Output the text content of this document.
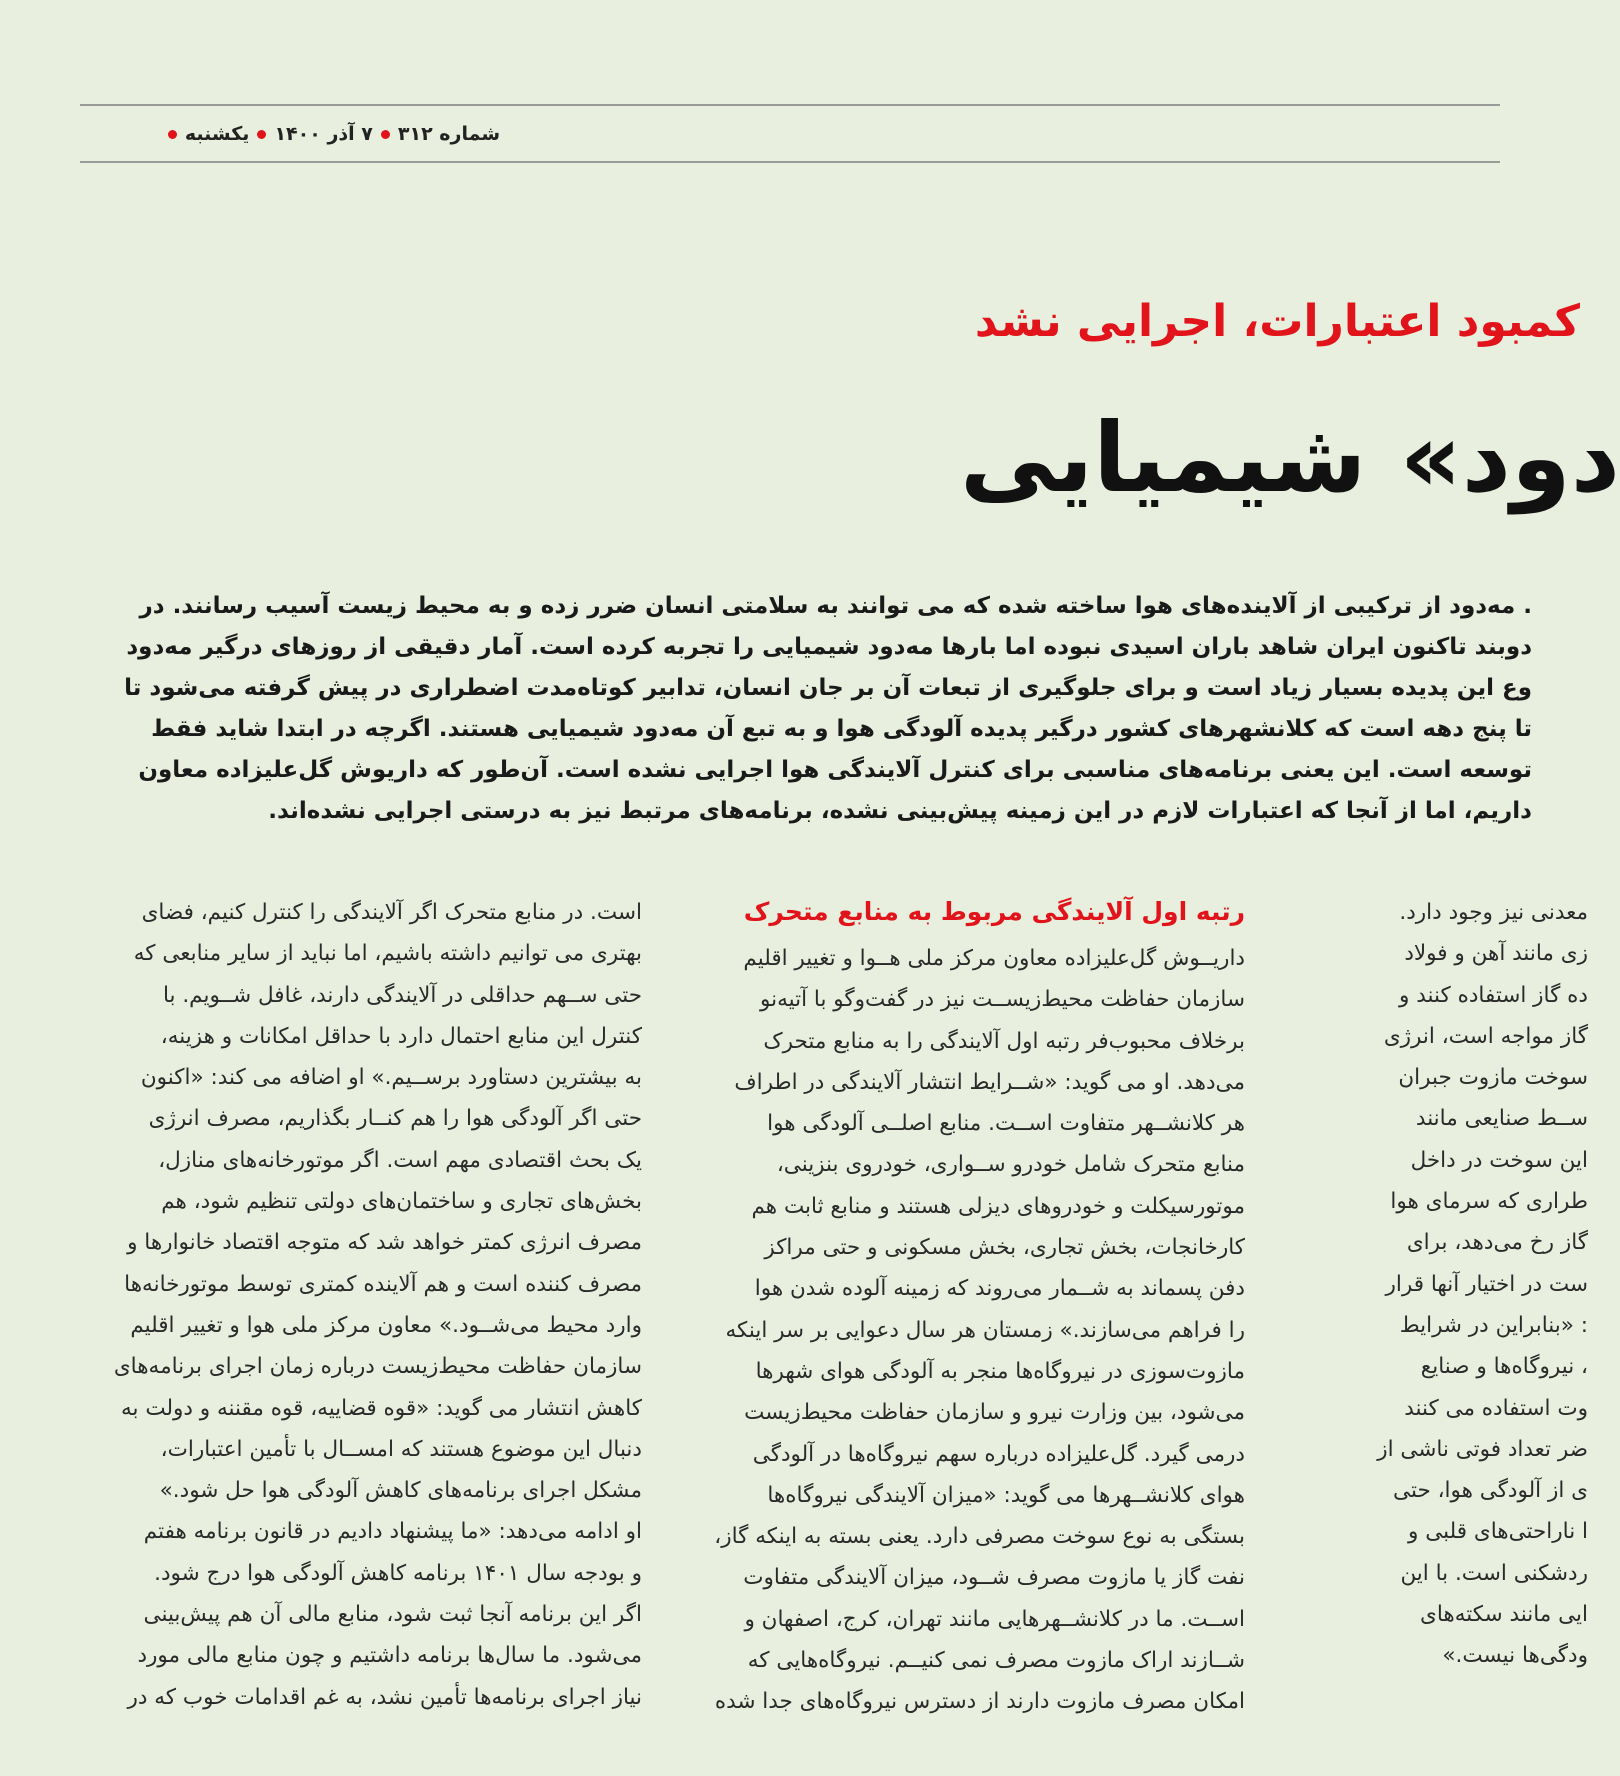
یکشنبه ۷ آذر ۱۴۰۰ شماره ۳۱۲
کمبود اعتبارات، اجرایی نشد
دود» شیمیایی
. مه‌دود از ترکیبی از آلاینده‌های هوا ساخته شده که می توانند به سلامتی انسان ضرر زده و به محیط زیست آسیب رسانند. در
دوبند تاکنون ایران شاهد باران اسیدی نبوده اما بارها مه‌دود شیمیایی را تجربه کرده است. آمار دقیقی از روزهای درگیر مه‌دود
وع این پدیده بسیار زیاد است و برای جلوگیری از تبعات آن بر جان انسان، تدابیر کوتاه‌مدت اضطراری در پیش گرفته می‌شود تا
تا پنج دهه است که کلانشهرهای کشور درگیر پدیده آلودگی هوا و به تبع آن مه‌دود شیمیایی هستند. اگرچه در ابتدا شاید فقط
توسعه است. این یعنی برنامه‌های مناسبی برای کنترل آلایندگی هوا اجرایی نشده است. آن‌طور که داریوش گل‌علیزاده معاون
داریم، اما از آنجا که اعتبارات لازم در این زمینه پیش‌بینی نشده، برنامه‌های مرتبط نیز به درستی اجرایی نشده‌اند.
معدنی نیز وجود دارد.
زی مانند آهن و فولاد
ده گاز استفاده کنند و
گاز مواجه است، انرژی
سوخت مازوت جبران
ســط صنایعی مانند
این سوخت در داخل
طراری که سرمای هوا
گاز رخ می‌دهد، برای
ست در اختیار آنها قرار
: «بنابراین در شرایط
، نیروگاه‌ها و صنایع
وت استفاده می کنند
ضر تعداد فوتی ناشی از
ی از آلودگی هوا، حتی
ا ناراحتی‌های قلبی و
ردشکنی است. با این
ایی مانند سکته‌های
ودگی‌ها نیست.»
رتبه اول آلایندگی مربوط به منابع متحرک
داریــوش گل‌علیزاده معاون مرکز ملی هــوا و تغییر اقلیم
سازمان حفاظت محیط‌زیســت نیز در گفت‌وگو با آتیه‌نو
برخلاف محبوب‌فر رتبه اول آلایندگی را به منابع متحرک
می‌دهد. او می گوید: «شــرایط انتشار آلایندگی در اطراف
هر کلانشــهر متفاوت اســت. منابع اصلــی آلودگی هوا
منابع متحرک شامل خودرو ســواری، خودروی بنزینی،
موتورسیکلت و خودروهای دیزلی هستند و منابع ثابت هم
کارخانجات، بخش تجاری، بخش مسکونی و حتی مراکز
دفن پسماند به شــمار می‌روند که زمینه آلوده شدن هوا
را فراهم می‌سازند.» زمستان هر سال دعوایی بر سر اینکه
مازوت‌سوزی در نیروگاه‌ها منجر به آلودگی هوای شهرها
می‌شود، بین وزارت نیرو و سازمان حفاظت محیط‌زیست
درمی گیرد. گل‌علیزاده درباره سهم نیروگاه‌ها در آلودگی
هوای کلانشــهرها می گوید: «میزان آلایندگی نیروگاه‌ها
بستگی به نوع سوخت مصرفی دارد. یعنی بسته به اینکه گاز،
نفت گاز یا مازوت مصرف شــود، میزان آلایندگی متفاوت
اســت. ما در کلانشــهرهایی مانند تهران، کرج، اصفهان و
شــازند اراک مازوت مصرف نمی کنیــم. نیروگاه‌هایی که
امکان مصرف مازوت دارند از دسترس نیروگاه‌های جدا شده
است. در منابع متحرک اگر آلایندگی را کنترل کنیم، فضای
بهتری می توانیم داشته باشیم، اما نباید از سایر منابعی که
حتی ســهم حداقلی در آلایندگی دارند، غافل شــویم. با
کنترل این منابع احتمال دارد با حداقل امکانات و هزینه،
به بیشترین دستاورد برســیم.» او اضافه می کند: «اکنون
حتی اگر آلودگی هوا را هم کنــار بگذاریم، مصرف انرژی
یک بحث اقتصادی مهم است. اگر موتورخانه‌های منازل،
بخش‌های تجاری و ساختمان‌های دولتی تنظیم شود، هم
مصرف انرژی کمتر خواهد شد که متوجه اقتصاد خانوارها و
مصرف کننده است و هم آلاینده کمتری توسط موتورخانه‌ها
وارد محیط می‌شــود.» معاون مرکز ملی هوا و تغییر اقلیم
سازمان حفاظت محیط‌زیست درباره زمان اجرای برنامه‌های
کاهش انتشار می گوید: «قوه قضاییه، قوه مقننه و دولت به
دنبال این موضوع هستند که امســال با تأمین اعتبارات،
مشکل اجرای برنامه‌های کاهش آلودگی هوا حل شود.»
او ادامه می‌دهد: «ما پیشنهاد دادیم در قانون برنامه هفتم
و بودجه سال ۱۴۰۱ برنامه کاهش آلودگی هوا درج شود.
اگر این برنامه آنجا ثبت شود، منابع مالی آن هم پیش‌بینی
می‌شود. ما سال‌ها برنامه داشتیم و چون منابع مالی مورد
نیاز اجرای برنامه‌ها تأمین نشد، به غم اقدامات خوب که در
